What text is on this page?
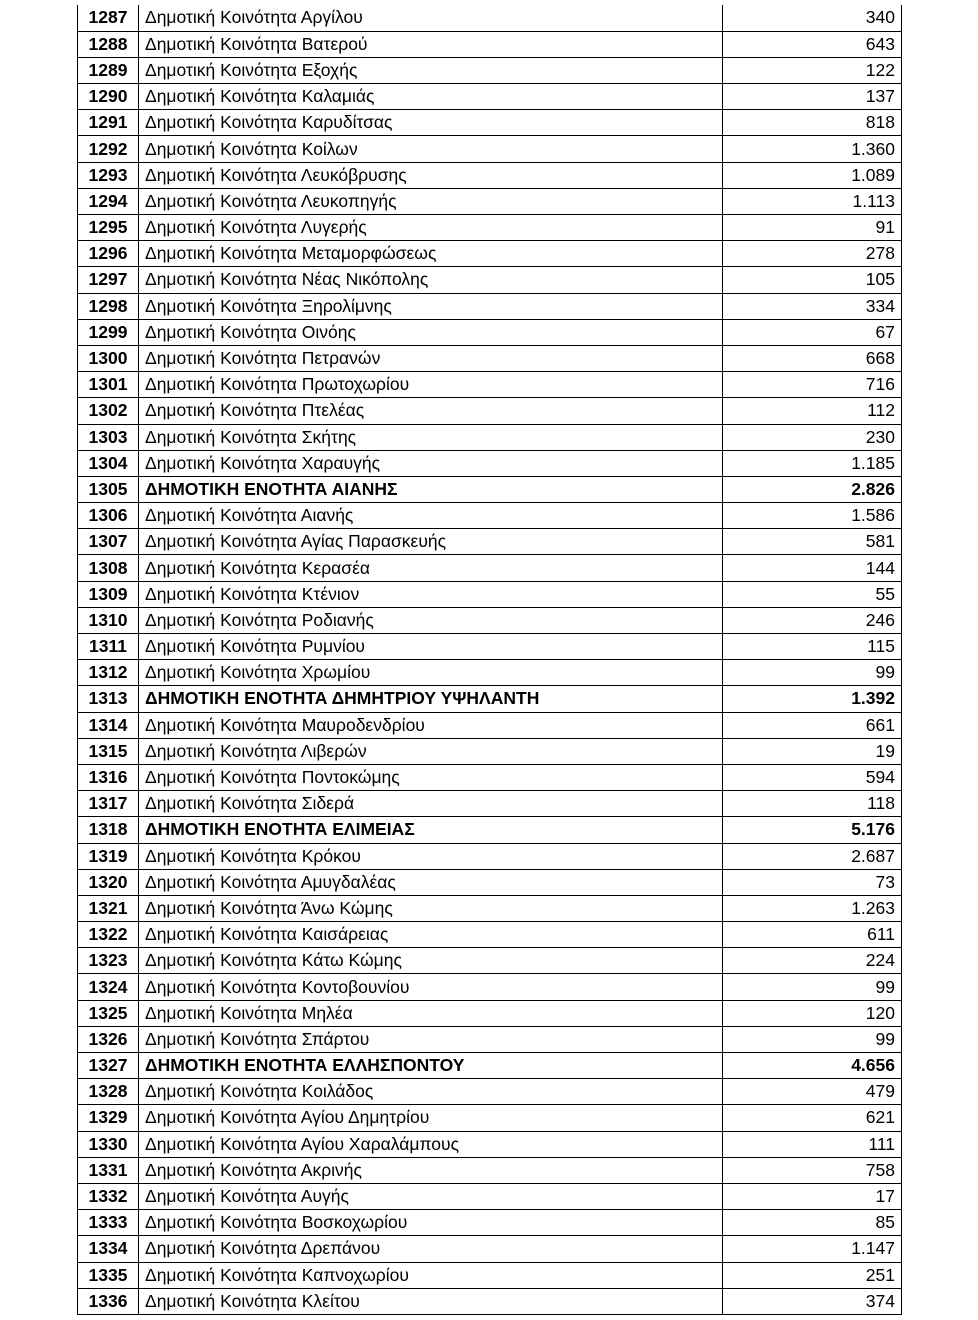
1287	Δημοτική Κοινότητα Αργίλου	340
1288	Δημοτική Κοινότητα Βατερού	643
1289	Δημοτική Κοινότητα Εξοχής	122
1290	Δημοτική Κοινότητα Καλαμιάς	137
1291	Δημοτική Κοινότητα Καρυδίτσας	818
1292	Δημοτική Κοινότητα Κοίλων	1.360
1293	Δημοτική Κοινότητα Λευκόβρυσης	1.089
1294	Δημοτική Κοινότητα Λευκοπηγής	1.113
1295	Δημοτική Κοινότητα Λυγερής	91
1296	Δημοτική Κοινότητα Μεταμορφώσεως	278
1297	Δημοτική Κοινότητα Νέας Νικόπολης	105
1298	Δημοτική Κοινότητα Ξηρολίμνης	334
1299	Δημοτική Κοινότητα Οινόης	67
1300	Δημοτική Κοινότητα Πετρανών	668
1301	Δημοτική Κοινότητα Πρωτοχωρίου	716
1302	Δημοτική Κοινότητα Πτελέας	112
1303	Δημοτική Κοινότητα Σκήτης	230
1304	Δημοτική Κοινότητα Χαραυγής	1.185
1305	ΔΗΜΟΤΙΚΗ ΕΝΟΤΗΤΑ ΑΙΑΝΗΣ	2.826
1306	Δημοτική Κοινότητα Αιανής	1.586
1307	Δημοτική Κοινότητα Αγίας Παρασκευής	581
1308	Δημοτική Κοινότητα Κερασέα	144
1309	Δημοτική Κοινότητα Κτένιον	55
1310	Δημοτική Κοινότητα Ροδιανής	246
1311	Δημοτική Κοινότητα Ρυμνίου	115
1312	Δημοτική Κοινότητα Χρωμίου	99
1313	ΔΗΜΟΤΙΚΗ ΕΝΟΤΗΤΑ ΔΗΜΗΤΡΙΟΥ ΥΨΗΛΑΝΤΗ	1.392
1314	Δημοτική Κοινότητα Μαυροδενδρίου	661
1315	Δημοτική Κοινότητα Λιβερών	19
1316	Δημοτική Κοινότητα Ποντοκώμης	594
1317	Δημοτική Κοινότητα Σιδερά	118
1318	ΔΗΜΟΤΙΚΗ ΕΝΟΤΗΤΑ ΕΛΙΜΕΙΑΣ	5.176
1319	Δημοτική Κοινότητα Κρόκου	2.687
1320	Δημοτική Κοινότητα Αμυγδαλέας	73
1321	Δημοτική Κοινότητα Άνω Κώμης	1.263
1322	Δημοτική Κοινότητα Καισάρειας	611
1323	Δημοτική Κοινότητα Κάτω Κώμης	224
1324	Δημοτική Κοινότητα Κοντοβουνίου	99
1325	Δημοτική Κοινότητα Μηλέα	120
1326	Δημοτική Κοινότητα Σπάρτου	99
1327	ΔΗΜΟΤΙΚΗ ΕΝΟΤΗΤΑ ΕΛΛΗΣΠΟΝΤΟΥ	4.656
1328	Δημοτική Κοινότητα Κοιλάδος	479
1329	Δημοτική Κοινότητα Αγίου Δημητρίου	621
1330	Δημοτική Κοινότητα Αγίου Χαραλάμπους	111
1331	Δημοτική Κοινότητα Ακρινής	758
1332	Δημοτική Κοινότητα Αυγής	17
1333	Δημοτική Κοινότητα Βοσκοχωρίου	85
1334	Δημοτική Κοινότητα Δρεπάνου	1.147
1335	Δημοτική Κοινότητα Καπνοχωρίου	251
1336	Δημοτική Κοινότητα Κλείτου	374
